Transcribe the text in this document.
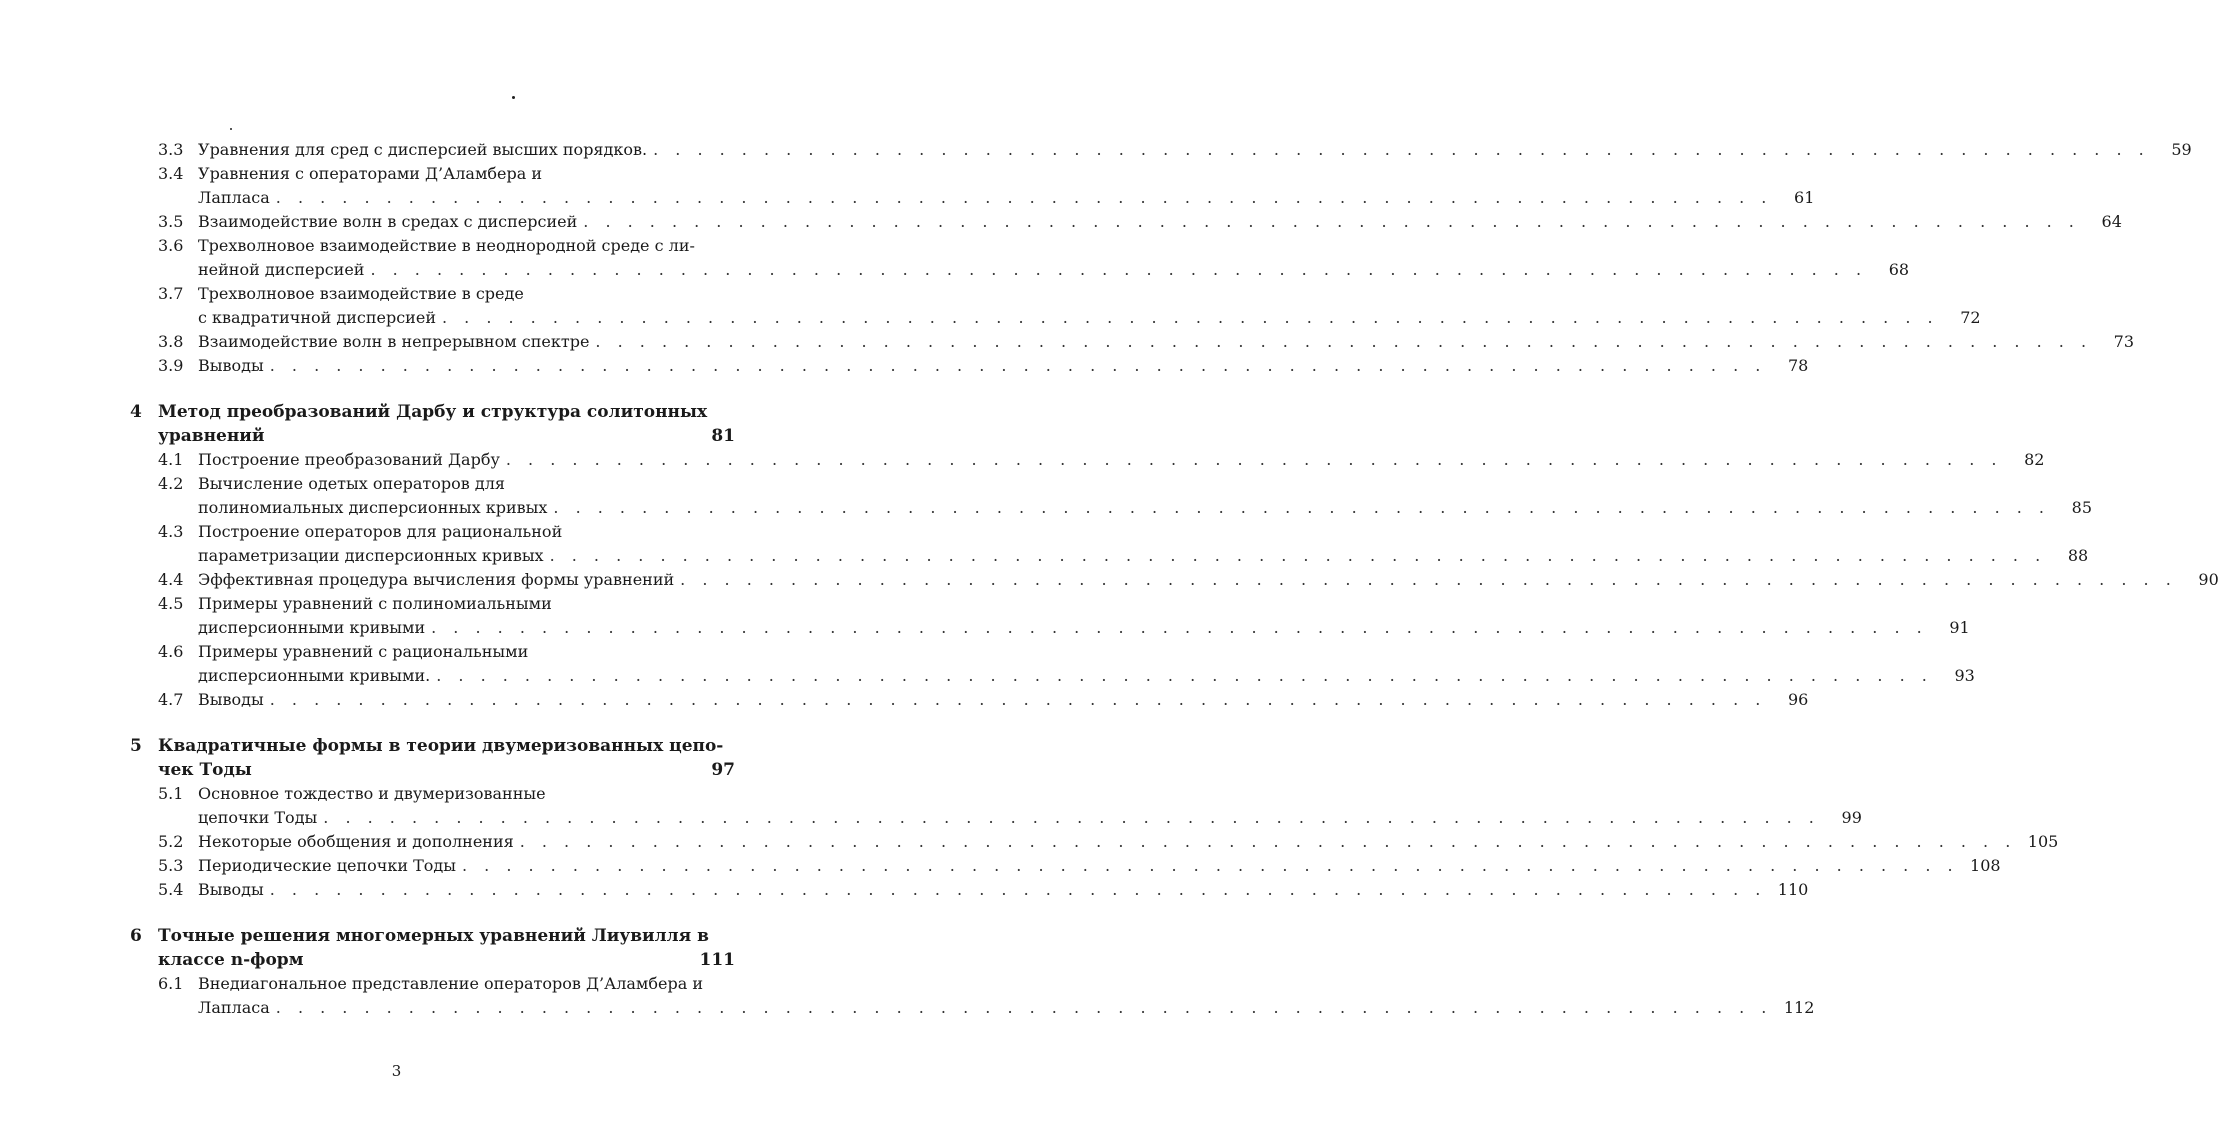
3.3 Уравнения для сред с дисперсией высших порядков. . . . . . . . . . . . . . . . . . . . . . . . . . . . . . . . . . . . . . . . . . . . . . . . . . . . . . . . . . . . . . . . . . . . .	59
3.4 Уравнения с операторами Д’Аламбера и
Лапласа . . . . . . . . . . . . . . . . . . . . . . . . . . . . . . . . . . . . . . . . . . . . . . . . . . . . . . . . . . . . . . . . . . . .	61
3.5 Взаимодействие волн в средах с дисперсией . . . . . . . . . . . . . . . . . . . . . . . . . . . . . . . . . . . . . . . . . . . . . . . . . . . . . . . . . . . . . . . . . . . .	64
3.6 Трехволновое взаимодействие в неоднородной среде с ли-
нейной дисперсией . . . . . . . . . . . . . . . . . . . . . . . . . . . . . . . . . . . . . . . . . . . . . . . . . . . . . . . . . . . . . . . . . . . .	68
3.7 Трехволновое взаимодействие в среде
с квадратичной дисперсией . . . . . . . . . . . . . . . . . . . . . . . . . . . . . . . . . . . . . . . . . . . . . . . . . . . . . . . . . . . . . . . . . . . .	72
3.8 Взаимодействие волн в непрерывном спектре . . . . . . . . . . . . . . . . . . . . . . . . . . . . . . . . . . . . . . . . . . . . . . . . . . . . . . . . . . . . . . . . . . . .	73
3.9 Выводы . . . . . . . . . . . . . . . . . . . . . . . . . . . . . . . . . . . . . . . . . . . . . . . . . . . . . . . . . . . . . . . . . . . .	78
4 Метод преобразований Дарбу и структура солитонных
уравнений	81
4.1 Построение преобразований Дарбу . . . . . . . . . . . . . . . . . . . . . . . . . . . . . . . . . . . . . . . . . . . . . . . . . . . . . . . . . . . . . . . . . . . .	82
4.2 Вычисление одетых операторов для
полиномиальных дисперсионных кривых . . . . . . . . . . . . . . . . . . . . . . . . . . . . . . . . . . . . . . . . . . . . . . . . . . . . . . . . . . . . . . . . . . . .	85
4.3 Построение операторов для рациональной
параметризации дисперсионных кривых . . . . . . . . . . . . . . . . . . . . . . . . . . . . . . . . . . . . . . . . . . . . . . . . . . . . . . . . . . . . . . . . . . . .	88
4.4 Эффективная процедура вычисления формы уравнений . . . . . . . . . . . . . . . . . . . . . . . . . . . . . . . . . . . . . . . . . . . . . . . . . . . . . . . . . . . . . . . . . . . .	90
4.5 Примеры уравнений с полиномиальными
дисперсионными кривыми . . . . . . . . . . . . . . . . . . . . . . . . . . . . . . . . . . . . . . . . . . . . . . . . . . . . . . . . . . . . . . . . . . . .	91
4.6 Примеры уравнений с рациональными
дисперсионными кривыми. . . . . . . . . . . . . . . . . . . . . . . . . . . . . . . . . . . . . . . . . . . . . . . . . . . . . . . . . . . . . . . . . . . . .	93
4.7 Выводы . . . . . . . . . . . . . . . . . . . . . . . . . . . . . . . . . . . . . . . . . . . . . . . . . . . . . . . . . . . . . . . . . . . .	96
5 Квадратичные формы в теории двумеризованных цепо-
чек Тоды	97
5.1 Основное тождество и двумеризованные
цепочки Тоды . . . . . . . . . . . . . . . . . . . . . . . . . . . . . . . . . . . . . . . . . . . . . . . . . . . . . . . . . . . . . . . . . . . .	99
5.2 Некоторые обобщения и дополнения . . . . . . . . . . . . . . . . . . . . . . . . . . . . . . . . . . . . . . . . . . . . . . . . . . . . . . . . . . . . . . . . . . . . 105
5.3 Периодические цепочки Тоды . . . . . . . . . . . . . . . . . . . . . . . . . . . . . . . . . . . . . . . . . . . . . . . . . . . . . . . . . . . . . . . . . . . . 108
5.4 Выводы . . . . . . . . . . . . . . . . . . . . . . . . . . . . . . . . . . . . . . . . . . . . . . . . . . . . . . . . . . . . . . . . . . . . 110
6 Точные решения многомерных уравнений Лиувилля в
классе n-форм	111
6.1 Внедиагональное представление операторов Д’Аламбера и
Лапласа . . . . . . . . . . . . . . . . . . . . . . . . . . . . . . . . . . . . . . . . . . . . . . . . . . . . . . . . . . . . . . . . . . . . 112
3
